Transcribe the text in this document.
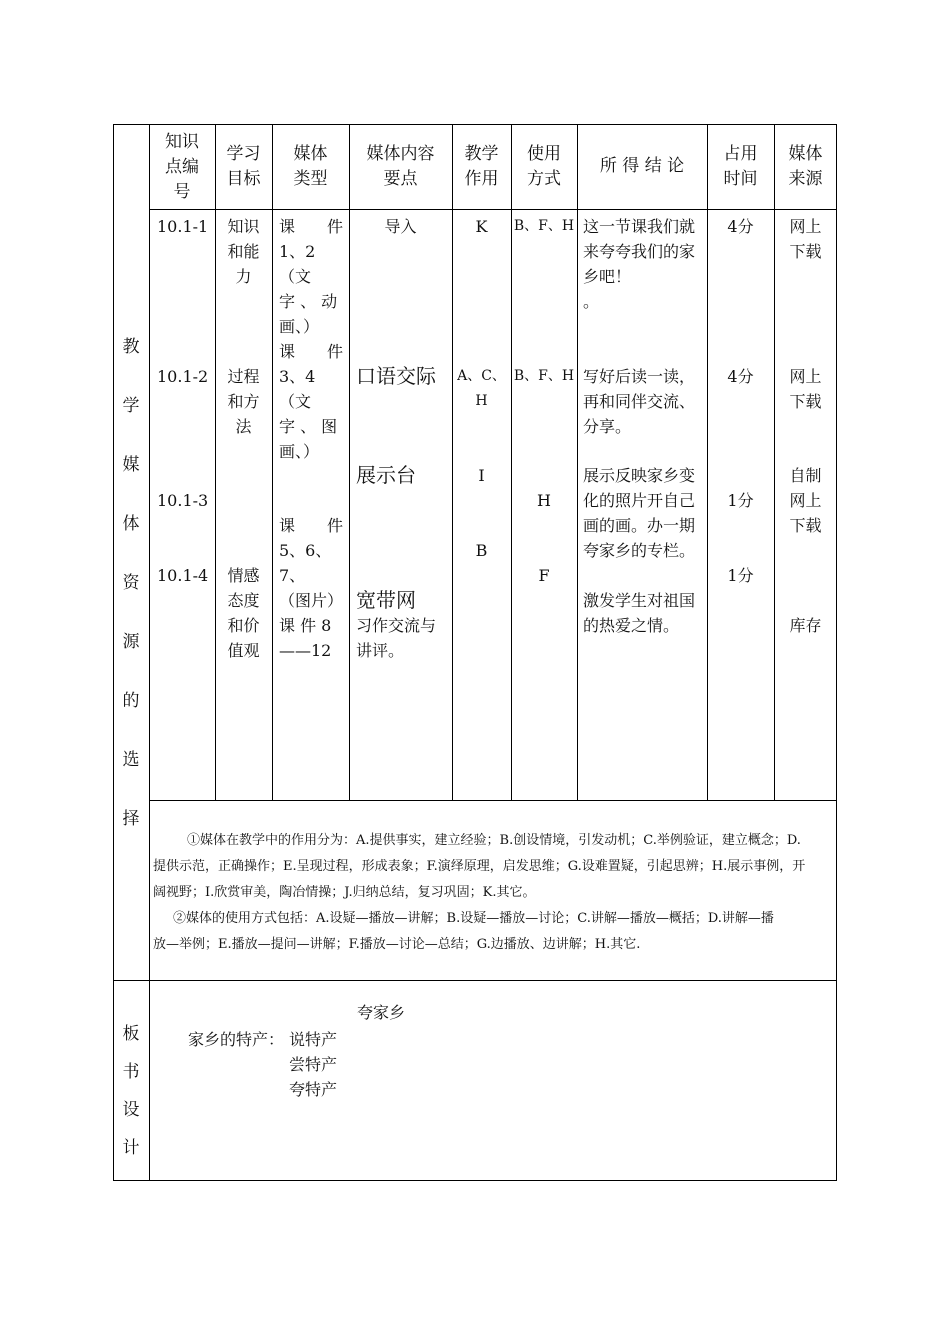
教
学
媒
体
资
源
的
选
择
板
书
设
计
知识
点编
号
学习
目标
媒体
类型
媒体内容
要点
教学
作用
使用
方式
所 得 结 论
占用
时间
媒体
来源
10.1-1
10.1-2
10.1-3
10.1-4
知识
和能
力
过程
和方
法
情感
态度
和价
值观
课　　件
1、2（文
字 、 动
画、）
课　　件
3、4（文
字 、 图
画、）
课　　件
5、6、7、
（图片）
课 件 8
——12
导入
口语交际
展示台
宽带网
习作交流与
讲评。
K
A、C、H
I
B
B、F、H
B、F、H
H
F
这一节课我们就
来夸夸我们的家
乡吧！
。
写好后读一读，
再和同伴交流、
分享。
展示反映家乡变
化的照片开自己
画的画。办一期
夸家乡的专栏。
激发学生对祖国
的热爱之情。
4分
4分
1分
1分
网上
下载
网上
下载
自制
网上
下载
库存
①媒体在教学中的作用分为：A.提供事实，建立经验；B.创设情境，引发动机；C.举例验证，建立概念；D.
提供示范，正确操作；E.呈现过程，形成表象；F.演绎原理，启发思维；G.设难置疑，引起思辨；H.展示事例，开
阔视野；I.欣赏审美，陶冶情操；J.归纳总结，复习巩固；K.其它。
②媒体的使用方式包括：A.设疑—播放—讲解；B.设疑—播放—讨论；C.讲解—播放—概括；D.讲解—播
放—举例；E.播放—提问—讲解；F.播放—讨论—总结；G.边播放、边讲解；H.其它.
夸家乡
家乡的特产： 说特产
尝特产
夸特产
